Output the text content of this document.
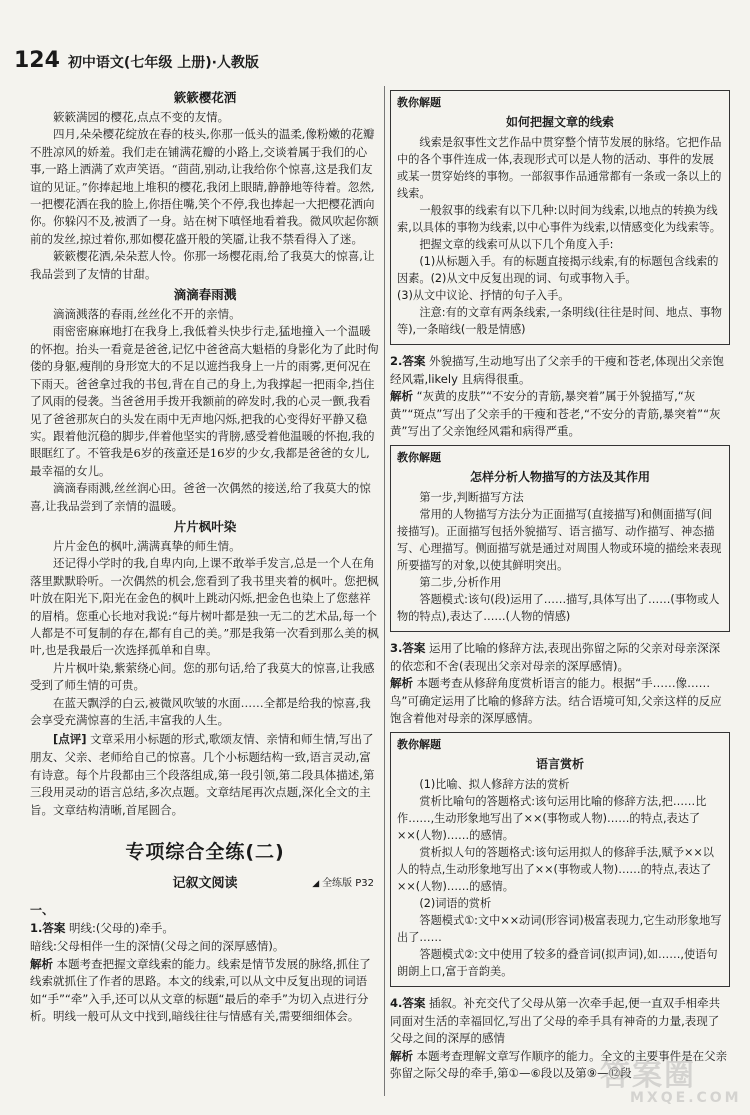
124 初中语文(七年级 上册)·人教版
簌簌樱花洒

簌簌满园的樱花,点点不变的友情。

四月,朵朵樱花绽放在春的枝头,你那一低头的温柔,像粉嫩的花瓣不胜凉风的娇羞。我们走在铺满花瓣的小路上,交谈着属于我们的心事,一路上洒满了欢声笑语。“茴茴,别动,让我给你个惊喜,这是我们友谊的见证。”你捧起地上堆积的樱花,我闭上眼睛,静静地等待着。忽然,一把樱花洒在我的脸上,你捂住嘴,笑个不停,我也捧起一大把樱花洒向你。你躲闪不及,被洒了一身。站在树下嗔怪地看着我。微风吹起你额前的发丝,掠过着你,那如樱花盛开般的笑靥,让我不禁看得入了迷。

簌簌樱花洒,朵朵惹人怜。你那一场樱花雨,给了我莫大的惊喜,让我品尝到了友情的甘甜。

滴滴春雨溅

滴滴溅落的春雨,丝丝化不开的亲情。

雨密密麻麻地打在我身上,我低着头快步行走,猛地撞入一个温暖的怀抱。抬头一看竟是爸爸,记忆中爸爸高大魁梧的身影化为了此时佝偻的身躯,瘦削的身形宽大的不足以遮挡我身上一片的雨雾,更何况在下雨天。爸爸拿过我的书包,背在自己的身上,为我撑起一把雨伞,挡住了风雨的侵袭。当爸爸用手拨开我额前的碎发时,我的心灵一颤,我看见了爸爸那灰白的头发在雨中无声地闪烁,把我的心变得好平静又稳实。跟着他沉稳的脚步,伴着他坚实的背膀,感受着他温暖的怀抱,我的眼眶红了。不管我是6岁的孩童还是16岁的少女,我都是爸爸的女儿,最幸福的女儿。

滴滴春雨溅,丝丝润心田。爸爸一次偶然的接送,给了我莫大的惊喜,让我品尝到了亲情的温暖。

片片枫叶染

片片金色的枫叶,满满真挚的师生情。

还记得小学时的我,自卑内向,上课不敢举手发言,总是一个人在角落里默默聆听。一次偶然的机会,您看到了我书里夹着的枫叶。您把枫叶放在阳光下,阳光在金色的枫叶上跳动闪烁,把金色也染上了您慈祥的眉梢。您重心长地对我说:“每片树叶都是独一无二的艺术品,每一个人都是不可复制的存在,都有自己的美。”那是我第一次看到那么美的枫叶,也是我最后一次选择孤单和自卑。

片片枫叶染,紫萦绕心间。您的那句话,给了我莫大的惊喜,让我感受到了师生情的可贵。

在蓝天飘浮的白云,被微风吹皱的水面……全都是给我的惊喜,我会享受充满惊喜的生活,丰富我的人生。

[点评] 文章采用小标题的形式,歌颂友情、亲情和师生情,写出了朋友、父亲、老师给自己的惊喜。几个小标题结构一致,语言灵动,富有诗意。每个片段都由三个段落组成,第一段引领,第二段具体描述,第三段用灵动的语言总结,多次点题。文章结尾再次点题,深化全文的主旨。文章结构清晰,首尾圆合。

专项综合全练(二)
记叙文阅读
◢	全练版 P32
一、

1.答案 明线:(父母的)牵手。

暗线:父母相伴一生的深情(父母之间的深厚感情)。

解析 本题考查把握文章线索的能力。线索是情节发展的脉络,抓住了线索就抓住了作者的思路。本文的线索,可以从文中反复出现的词语如“手”“牵”入手,还可以从文章的标题“最后的牵手”为切入点进行分析。明线一般可从文中找到,暗线往往与情感有关,需要细细体会。

教你解题
如何把握文章的线索

线索是叙事性文艺作品中贯穿整个情节发展的脉络。它把作品中的各个事件连成一体,表现形式可以是人物的活动、事件的发展或某一贯穿始终的事物。一部叙事作品通常都有一条或一条以上的线索。

一般叙事的线索有以下几种:以时间为线索,以地点的转换为线索,以具体的事物为线索,以中心事件为线索,以情感变化为线索等。

把握文章的线索可从以下几个角度入手:

(1)从标题入手。有的标题直接揭示线索,有的标题包含线索的因素。(2)从文中反复出现的词、句或事物入手。

(3)从文中议论、抒情的句子入手。

注意:有的文章有两条线索,一条明线(往往是时间、地点、事物等),一条暗线(一般是情感)

2.答案 外貌描写,生动地写出了父亲手的干瘦和苍老,体现出父亲饱经风霜,likely 且病得很重。

解析 “灰黄的皮肤”“不安分的青筋,暴突着”属于外貌描写,“灰黄”“斑点”写出了父亲手的干瘦和苍老,“不安分的青筋,暴突着”“灰黄”写出了父亲饱经风霜和病得严重。

教你解题
怎样分析人物描写的方法及其作用

第一步,判断描写方法

常用的人物描写方法分为正面描写(直接描写)和侧面描写(间接描写)。正面描写包括外貌描写、语言描写、动作描写、神态描写、心理描写。侧面描写就是通过对周围人物或环境的描绘来表现所要描写的对象,以使其鲜明突出。

第二步,分析作用

答题模式:该句(段)运用了……描写,具体写出了……(事物或人物的特点),表达了……(人物的情感)

3.答案 运用了比喻的修辞方法,表现出弥留之际的父亲对母亲深深的依恋和不舍(表现出父亲对母亲的深厚感情)。

解析 本题考查从修辞角度赏析语言的能力。根据“手……像……鸟”可确定运用了比喻的修辞方法。结合语境可知,父亲这样的反应饱含着他对母亲的深厚感情。

教你解题
语言赏析

(1)比喻、拟人修辞方法的赏析

赏析比喻句的答题格式:该句运用比喻的修辞方法,把……比作……,生动形象地写出了××(事物或人物)……的特点,表达了××(人物)……的感情。

赏析拟人句的答题格式:该句运用拟人的修辞手法,赋予××以人的特点,生动形象地写出了××(事物或人物)……的特点,表达了××(人物)……的感情。

(2)词语的赏析

答题模式①:文中××动词(形容词)极富表现力,它生动形象地写出了……

答题模式②:文中使用了较多的叠音词(拟声词),如……,使语句朗朗上口,富于音韵美。

4.答案 插叙。补充交代了父母从第一次牵手起,便一直双手相牵共同面对生活的幸福回忆,写出了父母的牵手具有神奇的力量,表现了父母之间的深厚的感情

解析 本题考查理解文章写作顺序的能力。全文的主要事件是在父亲弥留之际父母的牵手,第①—⑥段以及第⑨—⑫段

答案圈
MXQE.COM
